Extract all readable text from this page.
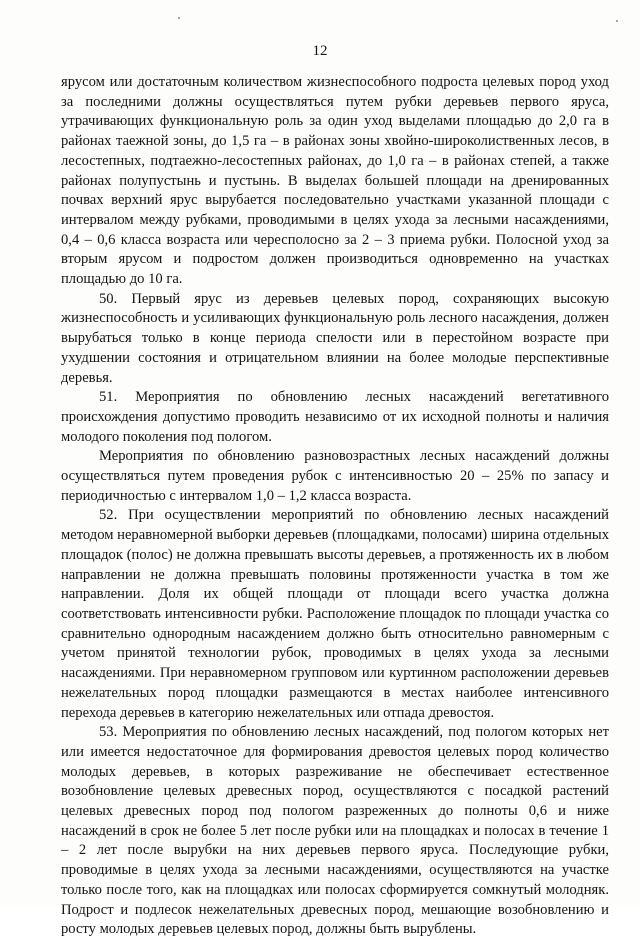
12

ярусом или достаточным количеством жизнеспособного подроста целевых пород уход за последними должны осуществляться путем рубки деревьев первого яруса, утрачивающих функциональную роль за один уход выделами площадью до 2,0 га в районах таежной зоны, до 1,5 га – в районах зоны хвойно-широколиственных лесов, в лесостепных, подтаежно-лесостепных районах, до 1,0 га – в районах степей, а также районах полупустынь и пустынь. В выделах большей площади на дренированных почвах верхний ярус вырубается последовательно участками указанной площади с интервалом между рубками, проводимыми в целях ухода за лесными насаждениями, 0,4 – 0,6 класса возраста или чересполосно за 2 – 3 приема рубки. Полосной уход за вторым ярусом и подростом должен производиться одновременно на участках площадью до 10 га.

50. Первый ярус из деревьев целевых пород, сохраняющих высокую жизнеспособность и усиливающих функциональную роль лесного насаждения, должен вырубаться только в конце периода спелости или в перестойном возрасте при ухудшении состояния и отрицательном влиянии на более молодые перспективные деревья.

51. Мероприятия по обновлению лесных насаждений вегетативного происхождения допустимо проводить независимо от их исходной полноты и наличия молодого поколения под пологом.

Мероприятия по обновлению разновозрастных лесных насаждений должны осуществляться путем проведения рубок с интенсивностью 20 – 25% по запасу и периодичностью с интервалом 1,0 – 1,2 класса возраста.

52. При осуществлении мероприятий по обновлению лесных насаждений методом неравномерной выборки деревьев (площадками, полосами) ширина отдельных площадок (полос) не должна превышать высоты деревьев, а протяженность их в любом направлении не должна превышать половины протяженности участка в том же направлении. Доля их общей площади от площади всего участка должна соответствовать интенсивности рубки. Расположение площадок по площади участка со сравнительно однородным насаждением должно быть относительно равномерным с учетом принятой технологии рубок, проводимых в целях ухода за лесными насаждениями. При неравномерном групповом или куртинном расположении деревьев нежелательных пород площадки размещаются в местах наиболее интенсивного перехода деревьев в категорию нежелательных или отпада древостоя.

53. Мероприятия по обновлению лесных насаждений, под пологом которых нет или имеется недостаточное для формирования древостоя целевых пород количество молодых деревьев, в которых разреживание не обеспечивает естественное возобновление целевых древесных пород, осуществляются с посадкой растений целевых древесных пород под пологом разреженных до полноты 0,6 и ниже насаждений в срок не более 5 лет после рубки или на площадках и полосах в течение 1 – 2 лет после вырубки на них деревьев первого яруса. Последующие рубки, проводимые в целях ухода за лесными насаждениями, осуществляются на участке только после того, как на площадках или полосах сформируется сомкнутый молодняк. Подрост и подлесок нежелательных древесных пород, мешающие возобновлению и росту молодых деревьев целевых пород, должны быть вырублены.
